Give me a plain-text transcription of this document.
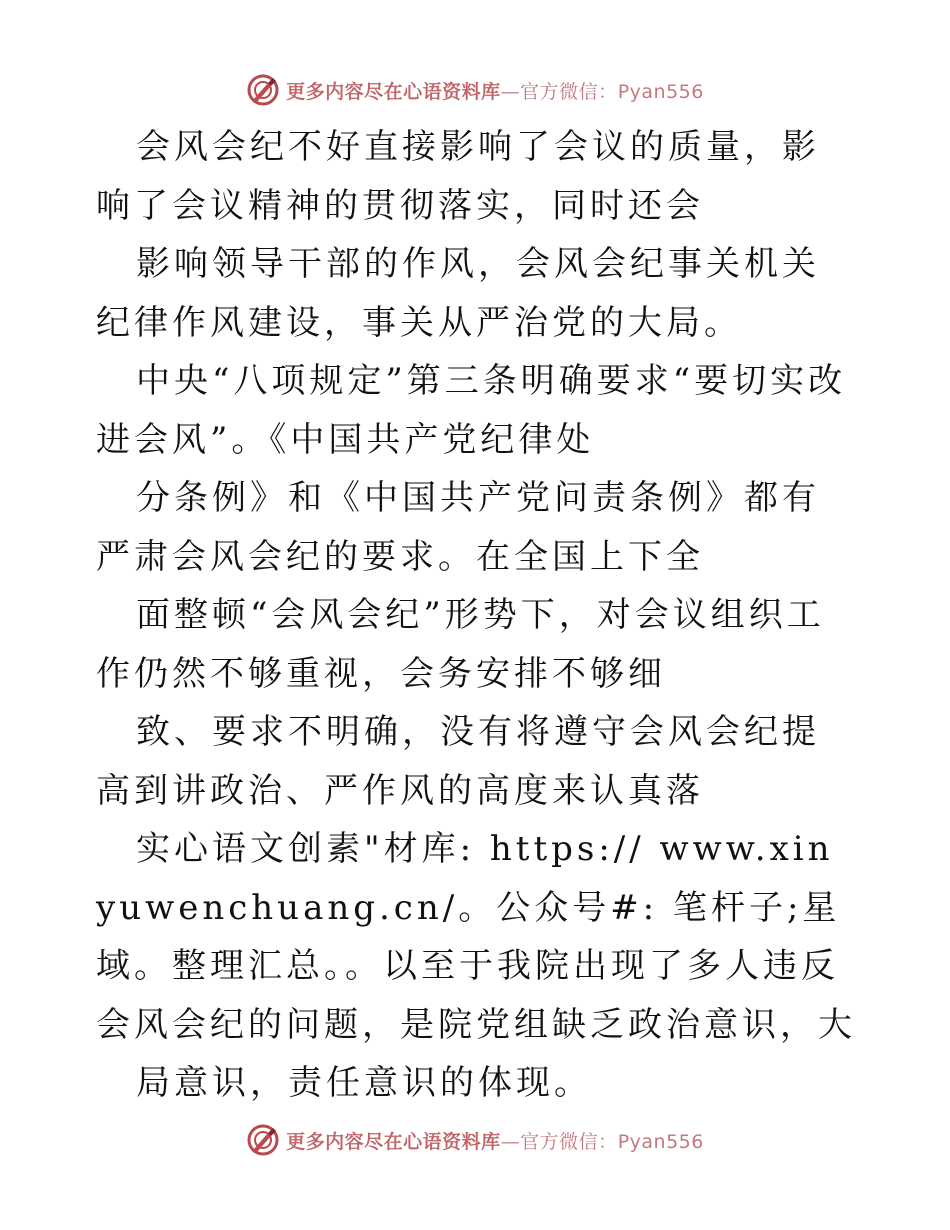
更多内容尽在心语资料库—官方微信：Pyan556

会风会纪不好直接影响了会议的质量，影响了会议精神的贯彻落实，同时还会

影响领导干部的作风，会风会纪事关机关纪律作风建设，事关从严治党的大局。

中央“八项规定”第三条明确要求“要切实改进会风”。《中国共产党纪律处

分条例》和《中国共产党问责条例》都有严肃会风会纪的要求。在全国上下全

面整顿“会风会纪”形势下，对会议组织工作仍然不够重视，会务安排不够细

致、要求不明确，没有将遵守会风会纪提高到讲政治、严作风的高度来认真落

实心语文创素"材库: https:// www.xinyuwenchuang.cn/。公众号#: 笔杆子;星域。整理汇总。。以至于我院出现了多人违反会风会纪的问题，是院党组缺乏政治意识，大

局意识，责任意识的体现。

更多内容尽在心语资料库—官方微信：Pyan556
